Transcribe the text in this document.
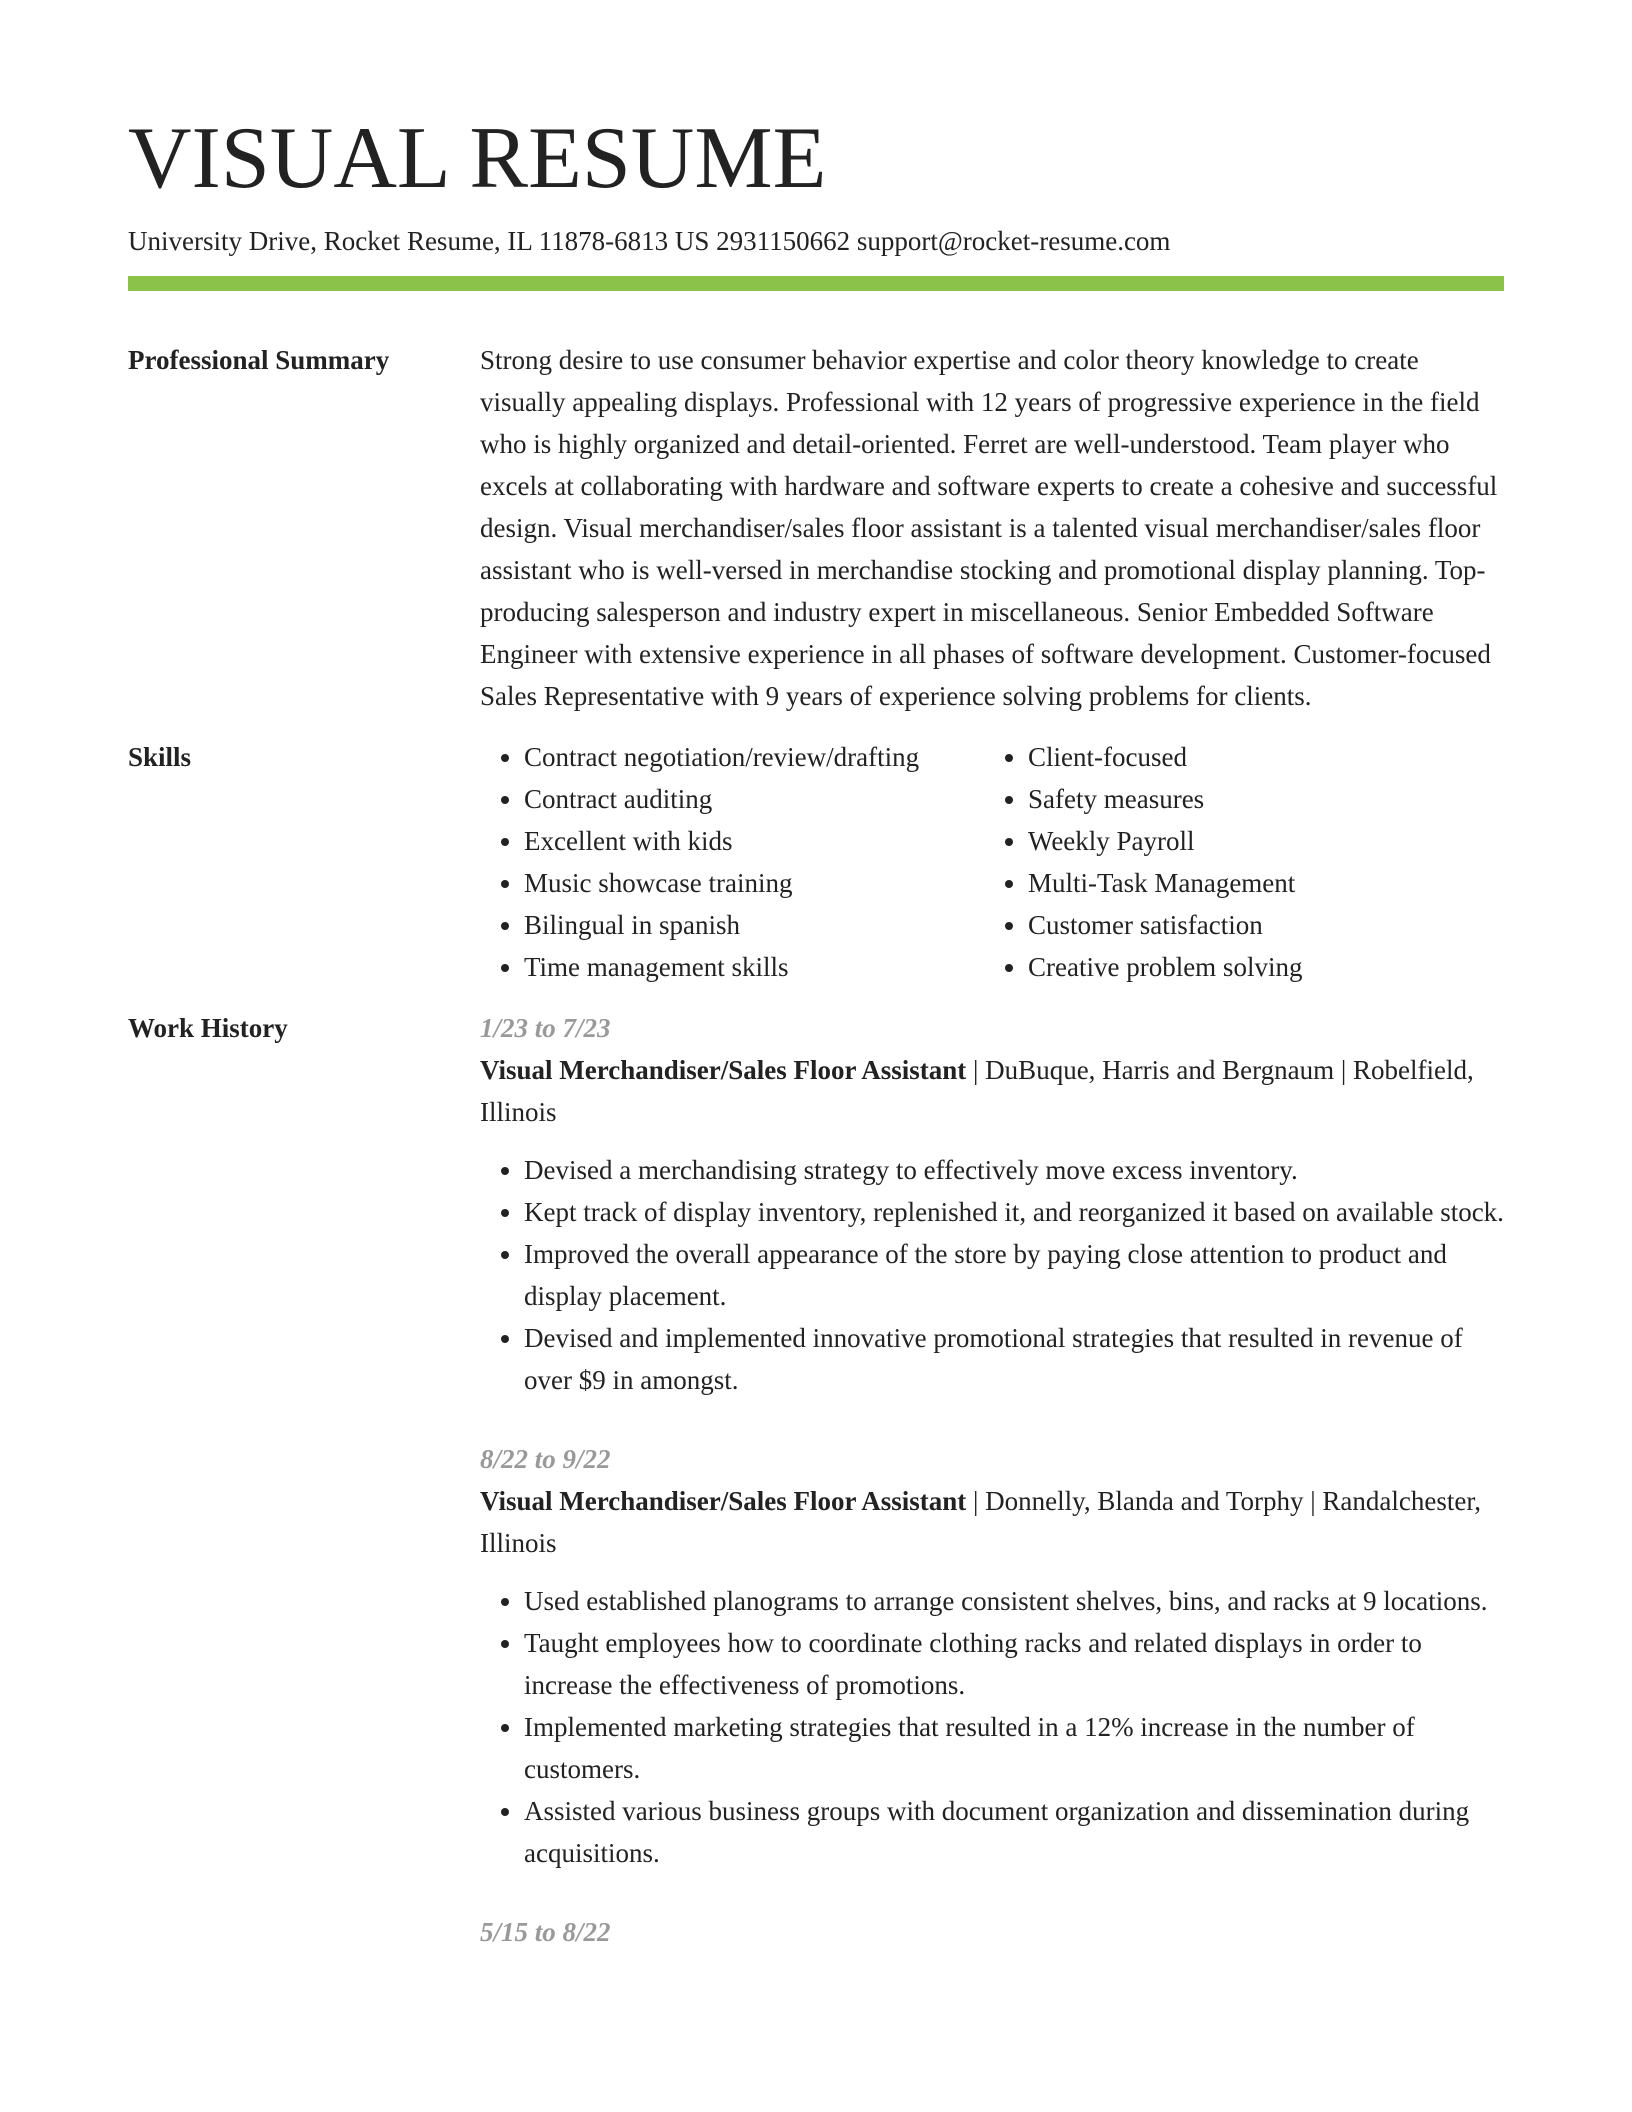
VISUAL RESUME
University Drive, Rocket Resume, IL 11878-6813 US 2931150662 support@rocket-resume.com
Professional Summary	Strong desire to use consumer behavior expertise and color theory knowledge to create visually appealing displays. Professional with 12 years of progressive experience in the field who is highly organized and detail-oriented. Ferret are well-understood. Team player who excels at collaborating with hardware and software experts to create a cohesive and successful design. Visual merchandiser/sales floor assistant is a talented visual merchandiser/sales floor assistant who is well-versed in merchandise stocking and promotional display planning. Top-producing salesperson and industry expert in miscellaneous. Senior Embedded Software Engineer with extensive experience in all phases of software development. Customer-focused Sales Representative with 9 years of experience solving problems for clients.
Skills
•	Contract negotiation/review/drafting
• Contract auditing
• Excellent with kids
• Music showcase training
• Bilingual in spanish
• Time management skills
• Client-focused
• Safety measures
• Weekly Payroll
• Multi-Task Management
• Customer satisfaction
• Creative problem solving
Work History	1/23 to 7/23
Visual Merchandiser/Sales Floor Assistant | DuBuque, Harris and Bergnaum | Robelfield, Illinois
• Devised a merchandising strategy to effectively move excess inventory.
• Kept track of display inventory, replenished it, and reorganized it based on available stock.
• Improved the overall appearance of the store by paying close attention to product and display placement.
• Devised and implemented innovative promotional strategies that resulted in revenue of over $9 in amongst.
8/22 to 9/22
Visual Merchandiser/Sales Floor Assistant | Donnelly, Blanda and Torphy | Randalchester, Illinois
• Used established planograms to arrange consistent shelves, bins, and racks at 9 locations.
• Taught employees how to coordinate clothing racks and related displays in order to increase the effectiveness of promotions.
• Implemented marketing strategies that resulted in a 12% increase in the number of customers.
• Assisted various business groups with document organization and dissemination during acquisitions.
5/15 to 8/22
